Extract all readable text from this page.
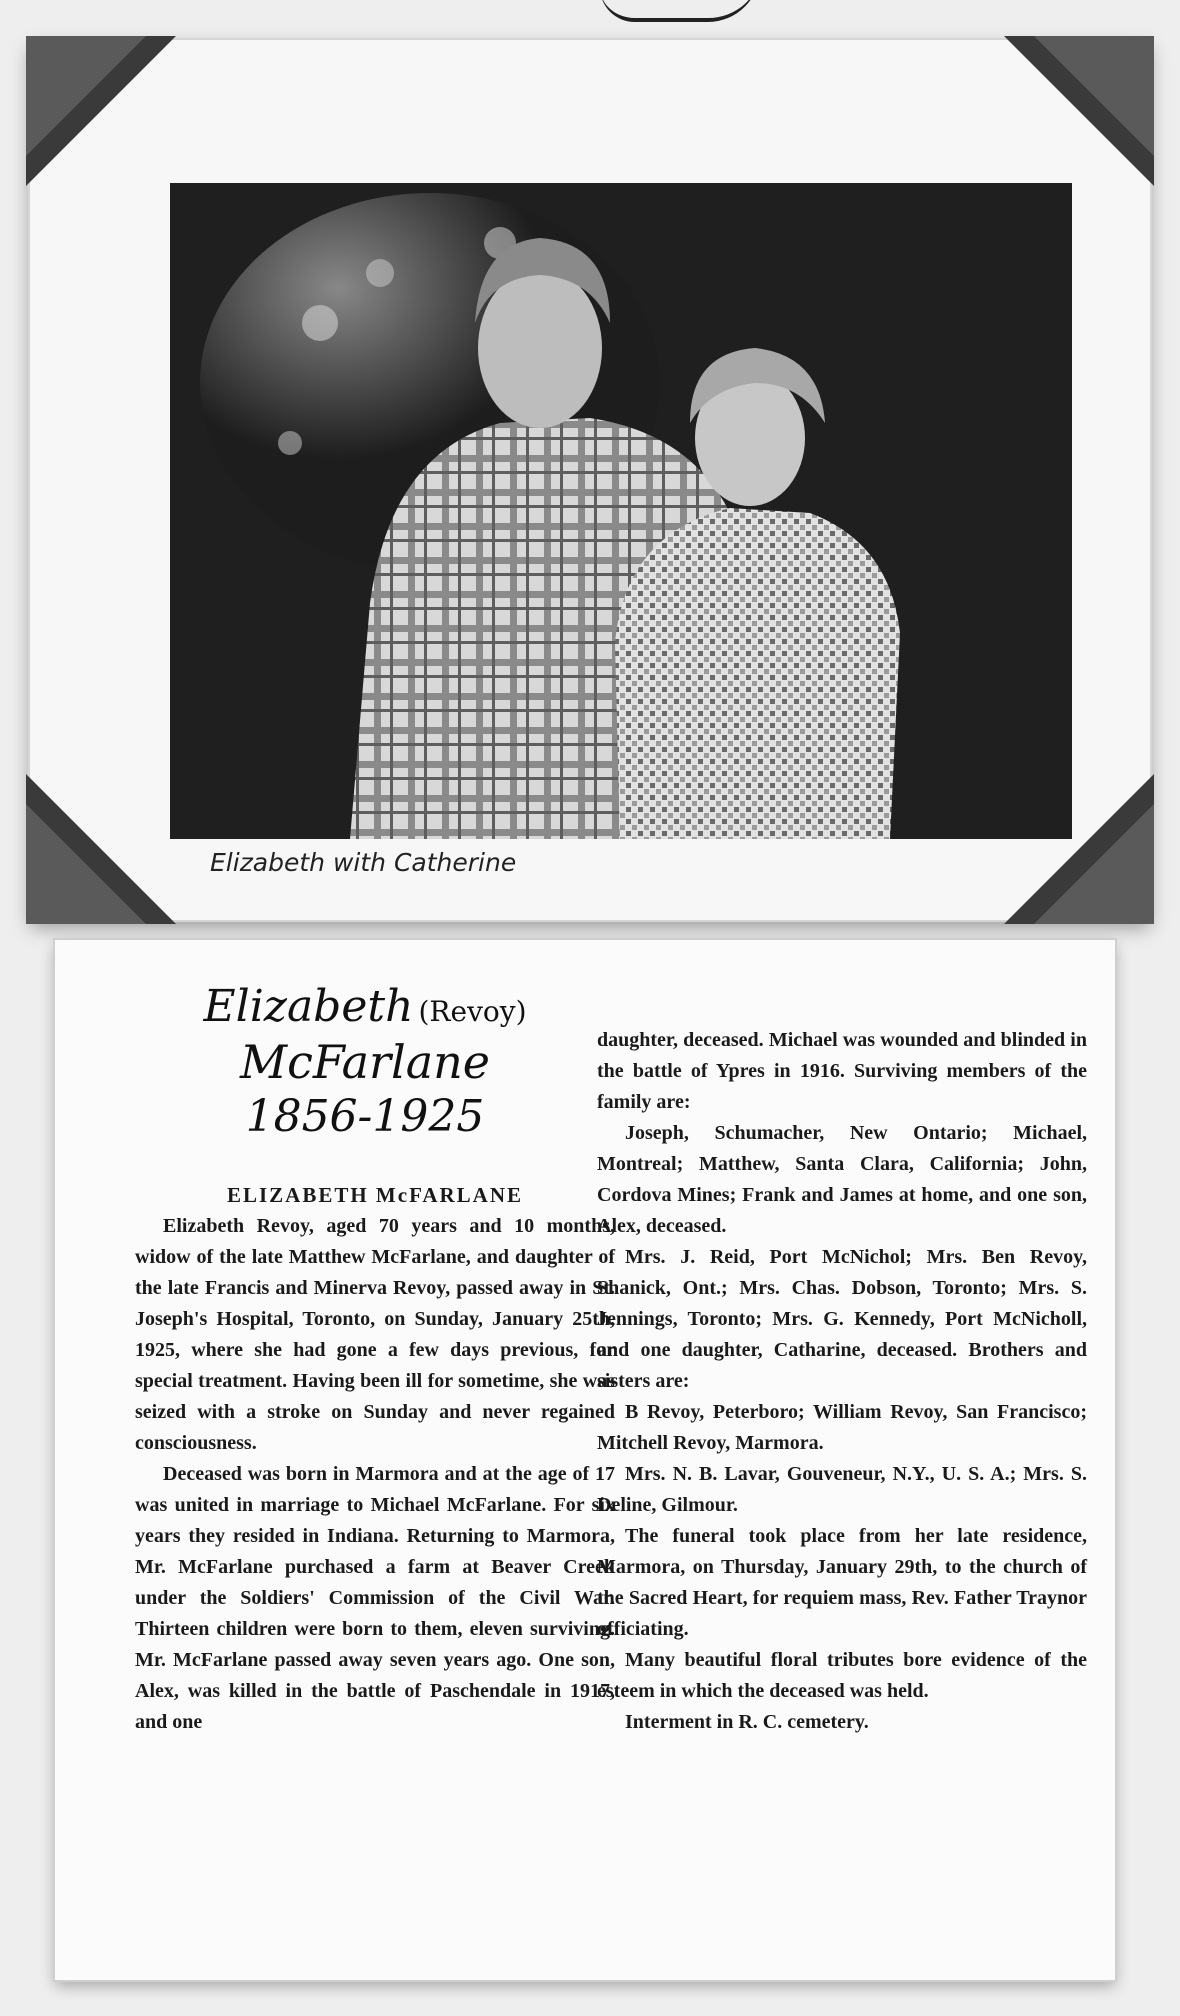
Elizabeth with Catherine
Elizabeth (Revoy)
McFarlane
1856-1925

ELIZABETH McFARLANE

Elizabeth Revoy, aged 70 years and 10 months, widow of the late Matthew McFarlane, and daughter of the late Francis and Minerva Revoy, passed away in St. Joseph's Hospital, Toronto, on Sunday, January 25th, 1925, where she had gone a few days previous, for special treatment. Having been ill for sometime, she was seized with a stroke on Sunday and never regained consciousness.

Deceased was born in Marmora and at the age of 17 was united in marriage to Michael McFarlane. For six years they resided in Indiana. Returning to Marmora, Mr. McFarlane purchased a farm at Beaver Creek under the Soldiers' Commission of the Civil War. Thirteen children were born to them, eleven surviving. Mr. McFarlane passed away seven years ago. One son, Alex, was killed in the battle of Paschendale in 1917, and one

daughter, deceased. Michael was wounded and blinded in the battle of Ypres in 1916. Surviving members of the family are:

Joseph, Schumacher, New Ontario; Michael, Montreal; Matthew, Santa Clara, California; John, Cordova Mines; Frank and James at home, and one son, Alex, deceased.

Mrs. J. Reid, Port McNichol; Mrs. Ben Revoy, Shanick, Ont.; Mrs. Chas. Dobson, Toronto; Mrs. S. Jennings, Toronto; Mrs. G. Kennedy, Port McNicholl, and one daughter, Catharine, deceased. Brothers and sisters are:

B Revoy, Peterboro; William Revoy, San Francisco; Mitchell Revoy, Marmora.

Mrs. N. B. Lavar, Gouveneur, N.Y., U. S. A.; Mrs. S. Deline, Gilmour.

The funeral took place from her late residence, Marmora, on Thursday, January 29th, to the church of the Sacred Heart, for requiem mass, Rev. Father Traynor officiating.

Many beautiful floral tributes bore evidence of the esteem in which the deceased was held.

Interment in R. C. cemetery.
